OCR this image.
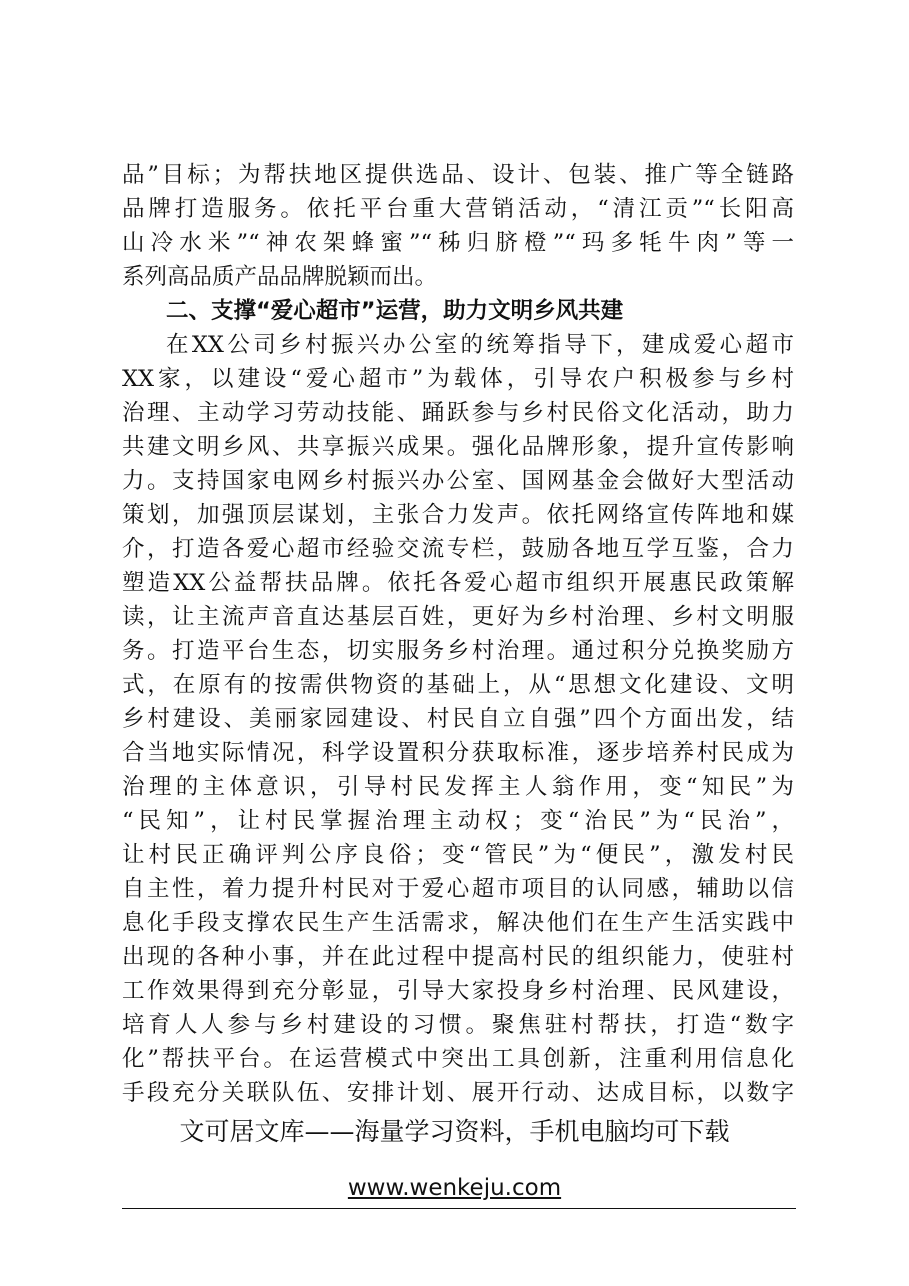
品”目标；为帮扶地区提供选品、设计、包装、推广等全链路
品牌打造服务。依托平台重大营销活动，“清江贡”“长阳高
山冷水米”“神农架蜂蜜”“秭归脐橙”“玛多牦牛肉”等一
系列高品质产品品牌脱颖而出。
二、支撑“爱心超市”运营，助力文明乡风共建
在XX公司乡村振兴办公室的统筹指导下，建成爱心超市
XX家，以建设“爱心超市”为载体，引导农户积极参与乡村
治理、主动学习劳动技能、踊跃参与乡村民俗文化活动，助力
共建文明乡风、共享振兴成果。强化品牌形象，提升宣传影响
力。支持国家电网乡村振兴办公室、国网基金会做好大型活动
策划，加强顶层谋划，主张合力发声。依托网络宣传阵地和媒
介，打造各爱心超市经验交流专栏，鼓励各地互学互鉴，合力
塑造XX公益帮扶品牌。依托各爱心超市组织开展惠民政策解
读，让主流声音直达基层百姓，更好为乡村治理、乡村文明服
务。打造平台生态，切实服务乡村治理。通过积分兑换奖励方
式，在原有的按需供物资的基础上，从“思想文化建设、文明
乡村建设、美丽家园建设、村民自立自强”四个方面出发，结
合当地实际情况，科学设置积分获取标准，逐步培养村民成为
治理的主体意识，引导村民发挥主人翁作用，变“知民”为
“民知”，让村民掌握治理主动权；变“治民”为“民治”，
让村民正确评判公序良俗；变“管民”为“便民”，激发村民
自主性，着力提升村民对于爱心超市项目的认同感，辅助以信
息化手段支撑农民生产生活需求，解决他们在生产生活实践中
出现的各种小事，并在此过程中提高村民的组织能力，使驻村
工作效果得到充分彰显，引导大家投身乡村治理、民风建设，
培育人人参与乡村建设的习惯。聚焦驻村帮扶，打造“数字
化”帮扶平台。在运营模式中突出工具创新，注重利用信息化
手段充分关联队伍、安排计划、展开行动、达成目标，以数字
文可居文库——海量学习资料，手机电脑均可下载
www.wenkeju.com
